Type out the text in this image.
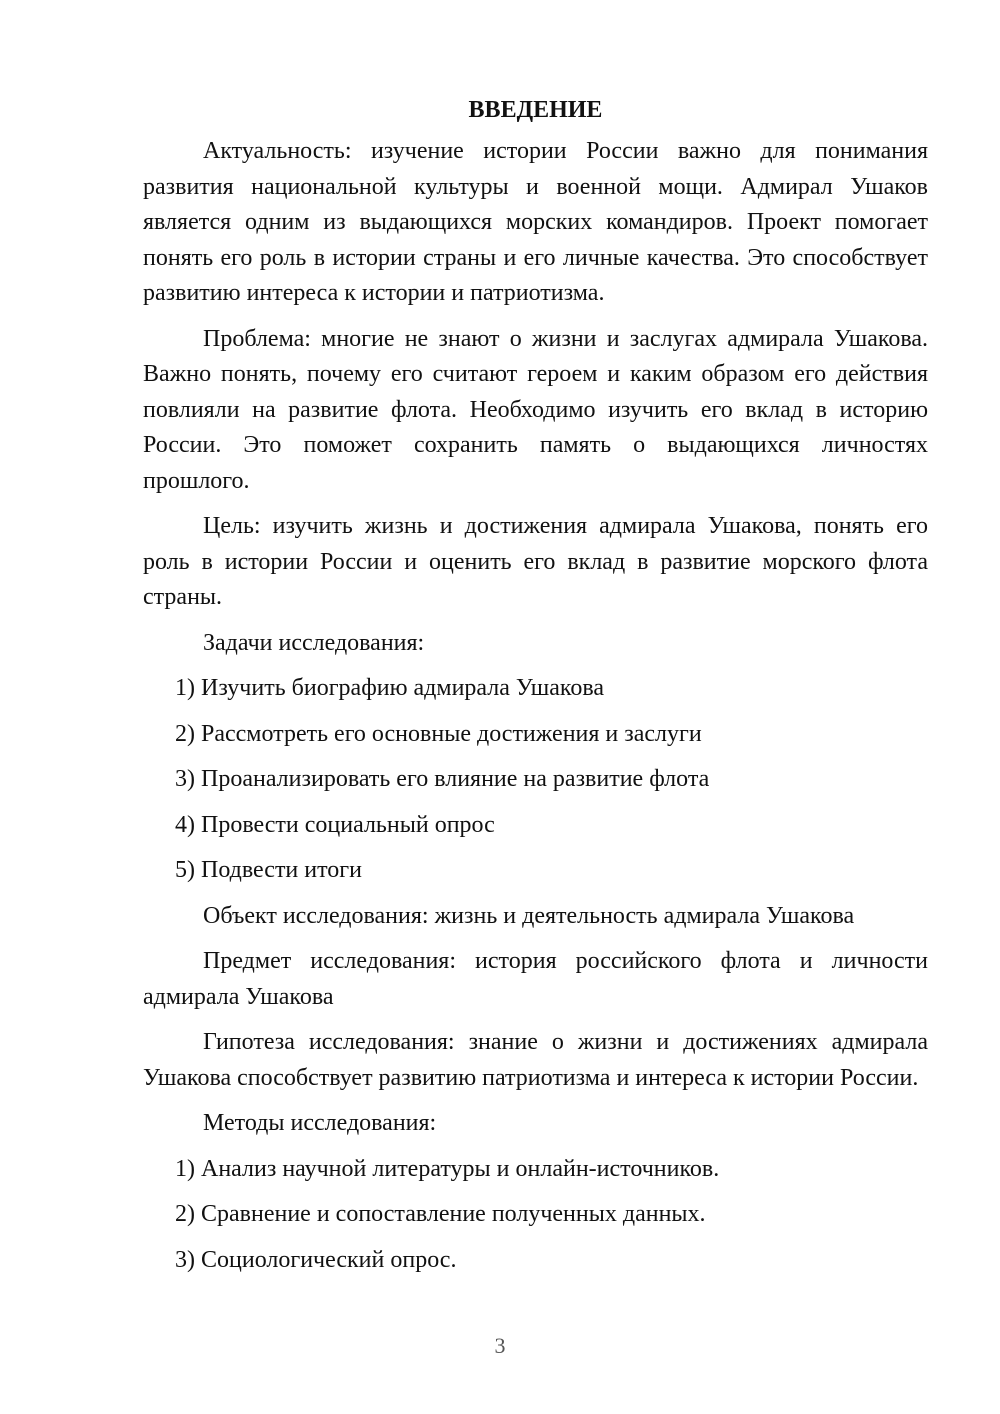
ВВЕДЕНИЕ

Актуальность: изучение истории России важно для понимания развития национальной культуры и военной мощи. Адмирал Ушаков является одним из выдающихся морских командиров. Проект помогает понять его роль в истории страны и его личные качества. Это способствует развитию интереса к истории и патриотизма.

Проблема: многие не знают о жизни и заслугах адмирала Ушакова. Важно понять, почему его считают героем и каким образом его действия повлияли на развитие флота. Необходимо изучить его вклад в историю России. Это поможет сохранить память о выдающихся личностях прошлого.

Цель: изучить жизнь и достижения адмирала Ушакова, понять его роль в истории России и оценить его вклад в развитие морского флота страны.

Задачи исследования:

1) Изучить биографию адмирала Ушакова

2) Рассмотреть его основные достижения и заслуги

3) Проанализировать его влияние на развитие флота

4) Провести социальный опрос

5) Подвести итоги

Объект исследования: жизнь и деятельность адмирала Ушакова

Предмет исследования: история российского флота и личности адмирала Ушакова

Гипотеза исследования: знание о жизни и достижениях адмирала Ушакова способствует развитию патриотизма и интереса к истории России.

Методы исследования:

1) Анализ научной литературы и онлайн-источников.

2) Сравнение и сопоставление полученных данных.

3) Социологический опрос.

3
